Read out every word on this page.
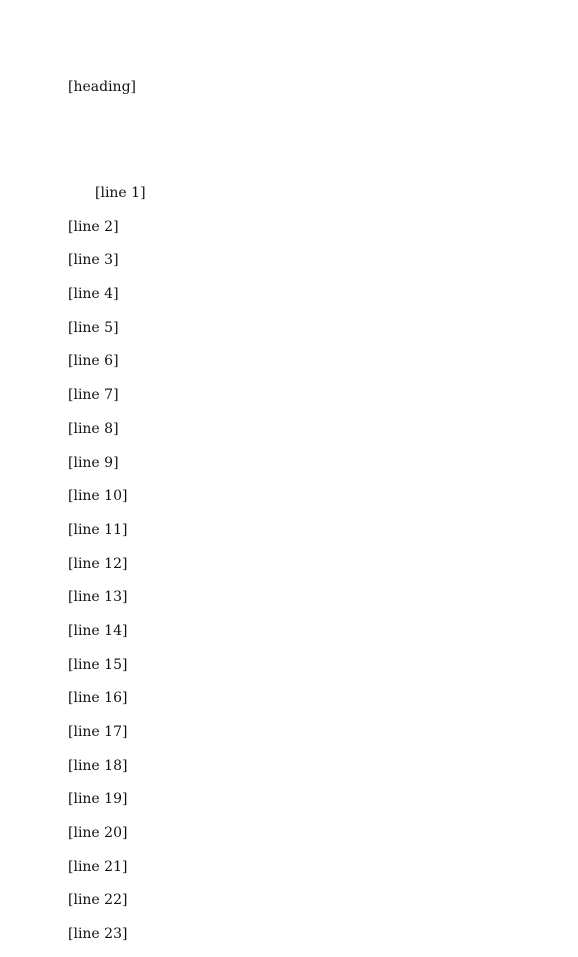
[heading]
[line 1]
[line 2]
[line 3]
[line 4]
[line 5]
[line 6]
[line 7]
[line 8]
[line 9]
[line 10]
[line 11]
[line 12]
[line 13]
[line 14]
[line 15]
[line 16]
[line 17]
[line 18]
[line 19]
[line 20]
[line 21]
[line 22]
[line 23]
